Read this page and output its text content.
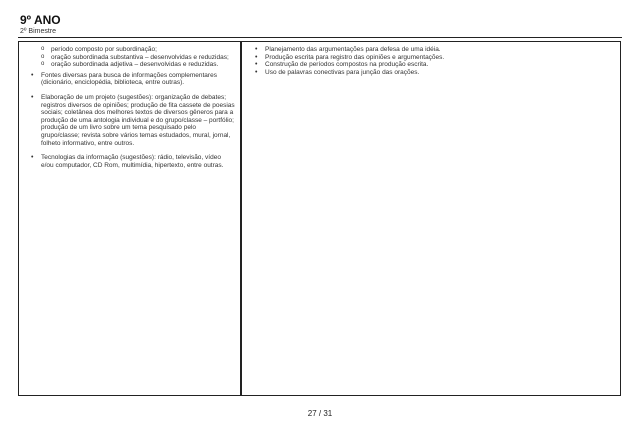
9º ANO
2º Bimestre
o período composto por subordinação;
o oração subordinada substantiva – desenvolvidas e reduzidas;
o oração subordinada adjetiva – desenvolvidas e reduzidas.
• Fontes diversas para busca de informações complementares (dicionário, enciclopédia, biblioteca, entre outras).
• Elaboração de um projeto (sugestões): organização de debates; registros diversos de opiniões; produção de fita cassete de poesias sociais; coletânea dos melhores textos de diversos gêneros para a produção de uma antologia individual e do grupo/classe – portfólio; produção de um livro sobre um tema pesquisado pelo grupo/classe; revista sobre vários temas estudados, mural, jornal, folheto informativo, entre outros.
• Tecnologias da informação (sugestões): rádio, televisão, vídeo e/ou computador, CD Rom, multimídia, hipertexto, entre outras.
• Planejamento das argumentações para defesa de uma idéia.
• Produção escrita para registro das opiniões e argumentações.
• Construção de períodos compostos na produção escrita.
• Uso de palavras conectivas para junção das orações.
27 / 31
